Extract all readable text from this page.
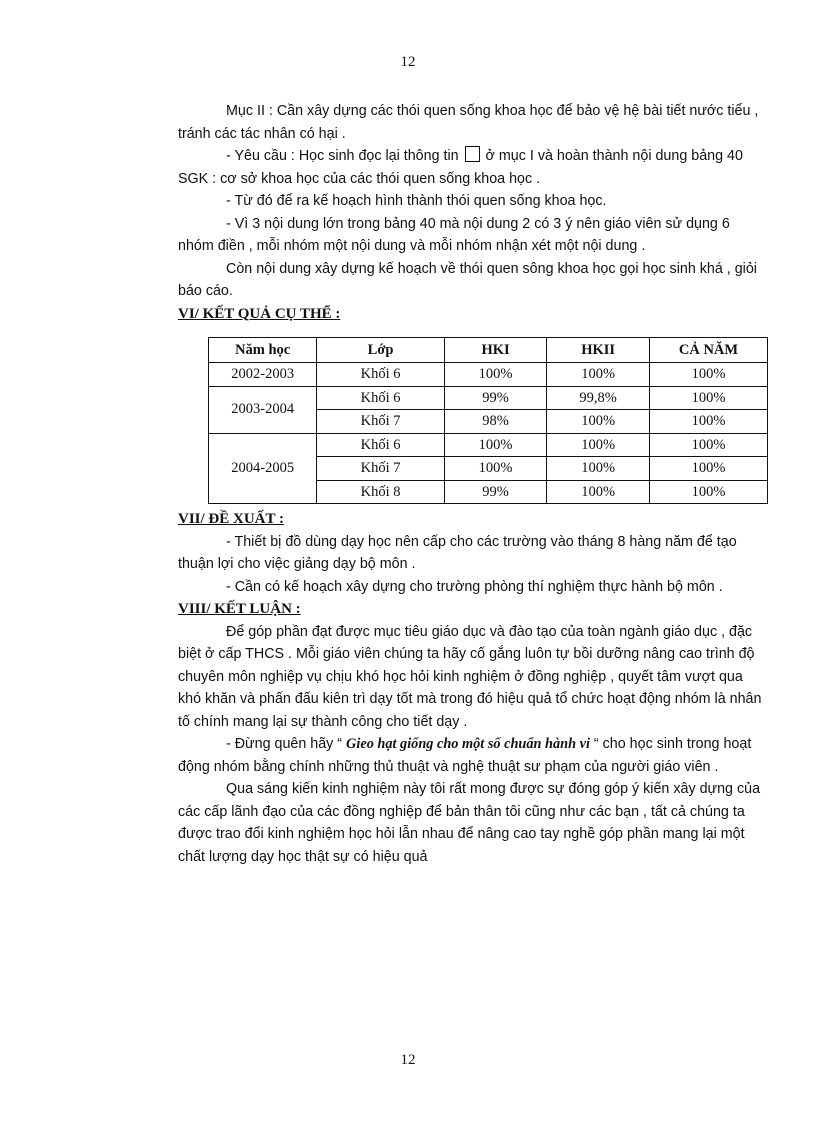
12

Mục II : Cần xây dựng các thói quen sống khoa học để bảo vệ hệ bài tiết nước tiểu , tránh các tác nhân có hại .

- Yêu cầu : Học sinh đọc lại thông tin  ở mục I và hoàn thành nội dung bảng 40 SGK : cơ sở khoa học của các thói quen sống khoa học .

- Từ đó để ra kế hoạch hình thành thói quen sống khoa học.

- Vì 3 nội dung lớn trong bảng 40 mà nội dung 2 có 3 ý nên giáo viên sử dụng 6 nhóm điền , mỗi nhóm một nội dung và mỗi nhóm nhận xét một nội dung .

Còn nội dung xây dựng kế hoạch về thói quen sông khoa học gọi học sinh khá , giỏi báo cáo.

VI/ KẾT QUẢ CỤ THỂ :
Năm học	Lớp	HKI	HKII	CẢ NĂM
2002-2003	Khối 6	100%	100%	100%
2003-2004	Khối 6	99%	99,8%	100%
	Khối 7	98%	100%	100%
2004-2005	Khối 6	100%	100%	100%
	Khối 7	100%	100%	100%
	Khối 8	99%	100%	100%
VII/ ĐỀ XUẤT :

- Thiết bị đồ dùng dạy học nên cấp cho các trường vào tháng 8 hàng năm để tạo thuận lợi cho việc giảng dạy bộ môn .

- Cần có kế hoạch xây dựng cho trường phòng thí nghiệm thực hành bộ môn .

VIII/ KẾT LUẬN :

Để góp phần đạt được mục tiêu giáo dục và đào tạo của toàn ngành giáo dục , đặc biệt ở cấp THCS . Mỗi giáo viên chúng ta hãy cố gắng luôn tự bồi dưỡng nâng cao trình độ chuyên môn nghiệp vụ chịu khó học hỏi kinh nghiệm ở đồng nghiệp , quyết tâm vượt qua khó khăn và phấn đấu kiên trì dạy tốt mà trong đó hiệu quả tổ chức hoạt động nhóm là nhân tố chính mang lại sự thành công cho tiết dạy .

- Đừng quên hãy “ Gieo hạt giống cho một số chuẩn hành vi “ cho học sinh trong hoạt động nhóm bằng chính những thủ thuật và nghệ thuật sư phạm của người giáo viên .

Qua sáng kiến kinh nghiệm này tôi rất mong được sự đóng góp ý kiến xây dựng của các cấp lãnh đạo của các đồng nghiệp để bản thân tôi cũng như các bạn , tất cả chúng ta được trao đổi kinh nghiệm học hỏi lẫn nhau để nâng cao tay nghề góp phần mang lại một chất lượng dạy học thật sự có hiệu quả

12
